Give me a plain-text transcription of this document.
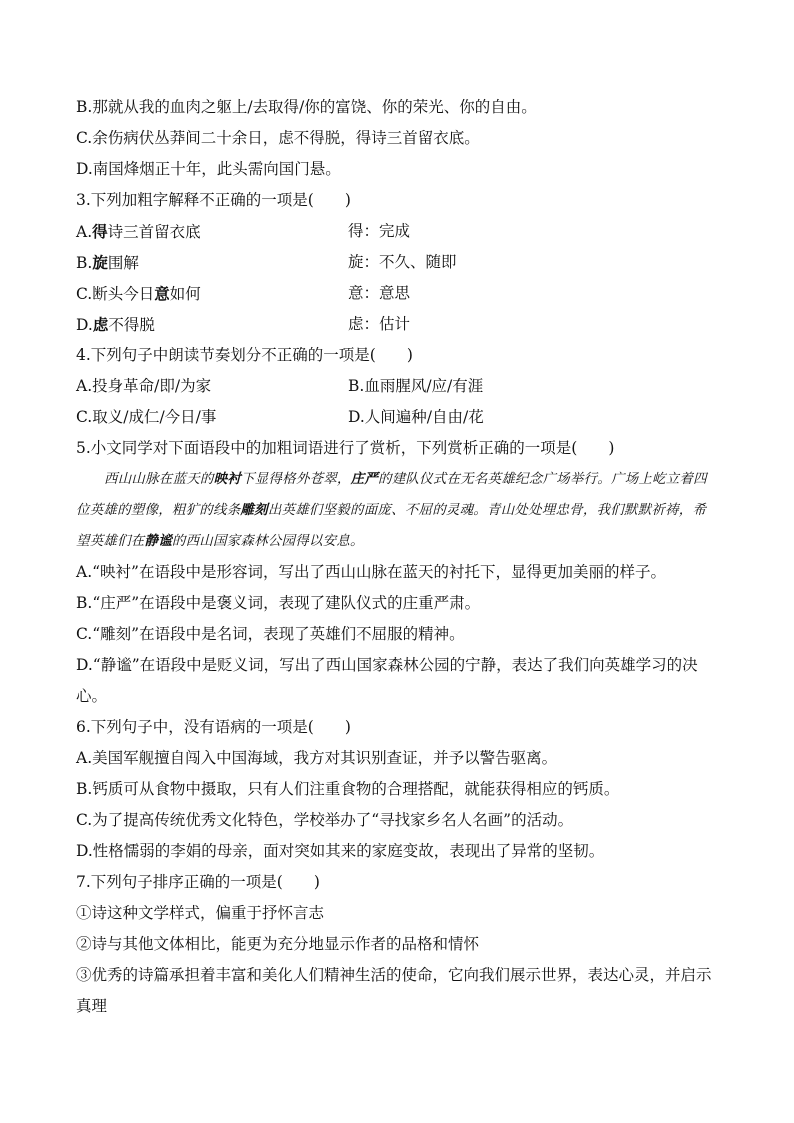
B.那就从我的血肉之躯上/去取得/你的富饶、你的荣光、你的自由。
C.余伤病伏丛莽间二十余日，虑不得脱，得诗三首留衣底。
D.南国烽烟正十年，此头需向国门悬。
3.下列加粗字解释不正确的一项是(　　)
A.得诗三首留衣底	得：完成
B.旋围解	旋：不久、随即
C.断头今日意如何	意：意思
D.虑不得脱	虑：估计
4.下列句子中朗读节奏划分不正确的一项是(　　)
A.投身革命/即/为家	B.血雨腥风/应/有涯
C.取义/成仁/今日/事	D.人间遍种/自由/花
5.小文同学对下面语段中的加粗词语进行了赏析，下列赏析正确的一项是(　　)
西山山脉在蓝天的映衬下显得格外苍翠，庄严的建队仪式在无名英雄纪念广场举行。广场上屹立着四位英雄的塑像，粗犷的线条雕刻出英雄们坚毅的面庞、不屈的灵魂。青山处处埋忠骨，我们默默祈祷，希望英雄们在静谧的西山国家森林公园得以安息。
A.“映衬”在语段中是形容词，写出了西山山脉在蓝天的衬托下，显得更加美丽的样子。
B.“庄严”在语段中是褒义词，表现了建队仪式的庄重严肃。
C.“雕刻”在语段中是名词，表现了英雄们不屈服的精神。
D.“静谧”在语段中是贬义词，写出了西山国家森林公园的宁静，表达了我们向英雄学习的决心。
6.下列句子中，没有语病的一项是(　　)
A.美国军舰擅自闯入中国海域，我方对其识别查证，并予以警告驱离。
B.钙质可从食物中摄取，只有人们注重食物的合理搭配，就能获得相应的钙质。
C.为了提高传统优秀文化特色，学校举办了“寻找家乡名人名画”的活动。
D.性格懦弱的李娟的母亲，面对突如其来的家庭变故，表现出了异常的坚韧。
7.下列句子排序正确的一项是(　　)
①诗这种文学样式，偏重于抒怀言志
②诗与其他文体相比，能更为充分地显示作者的品格和情怀
③优秀的诗篇承担着丰富和美化人们精神生活的使命，它向我们展示世界，表达心灵，并启示真理
